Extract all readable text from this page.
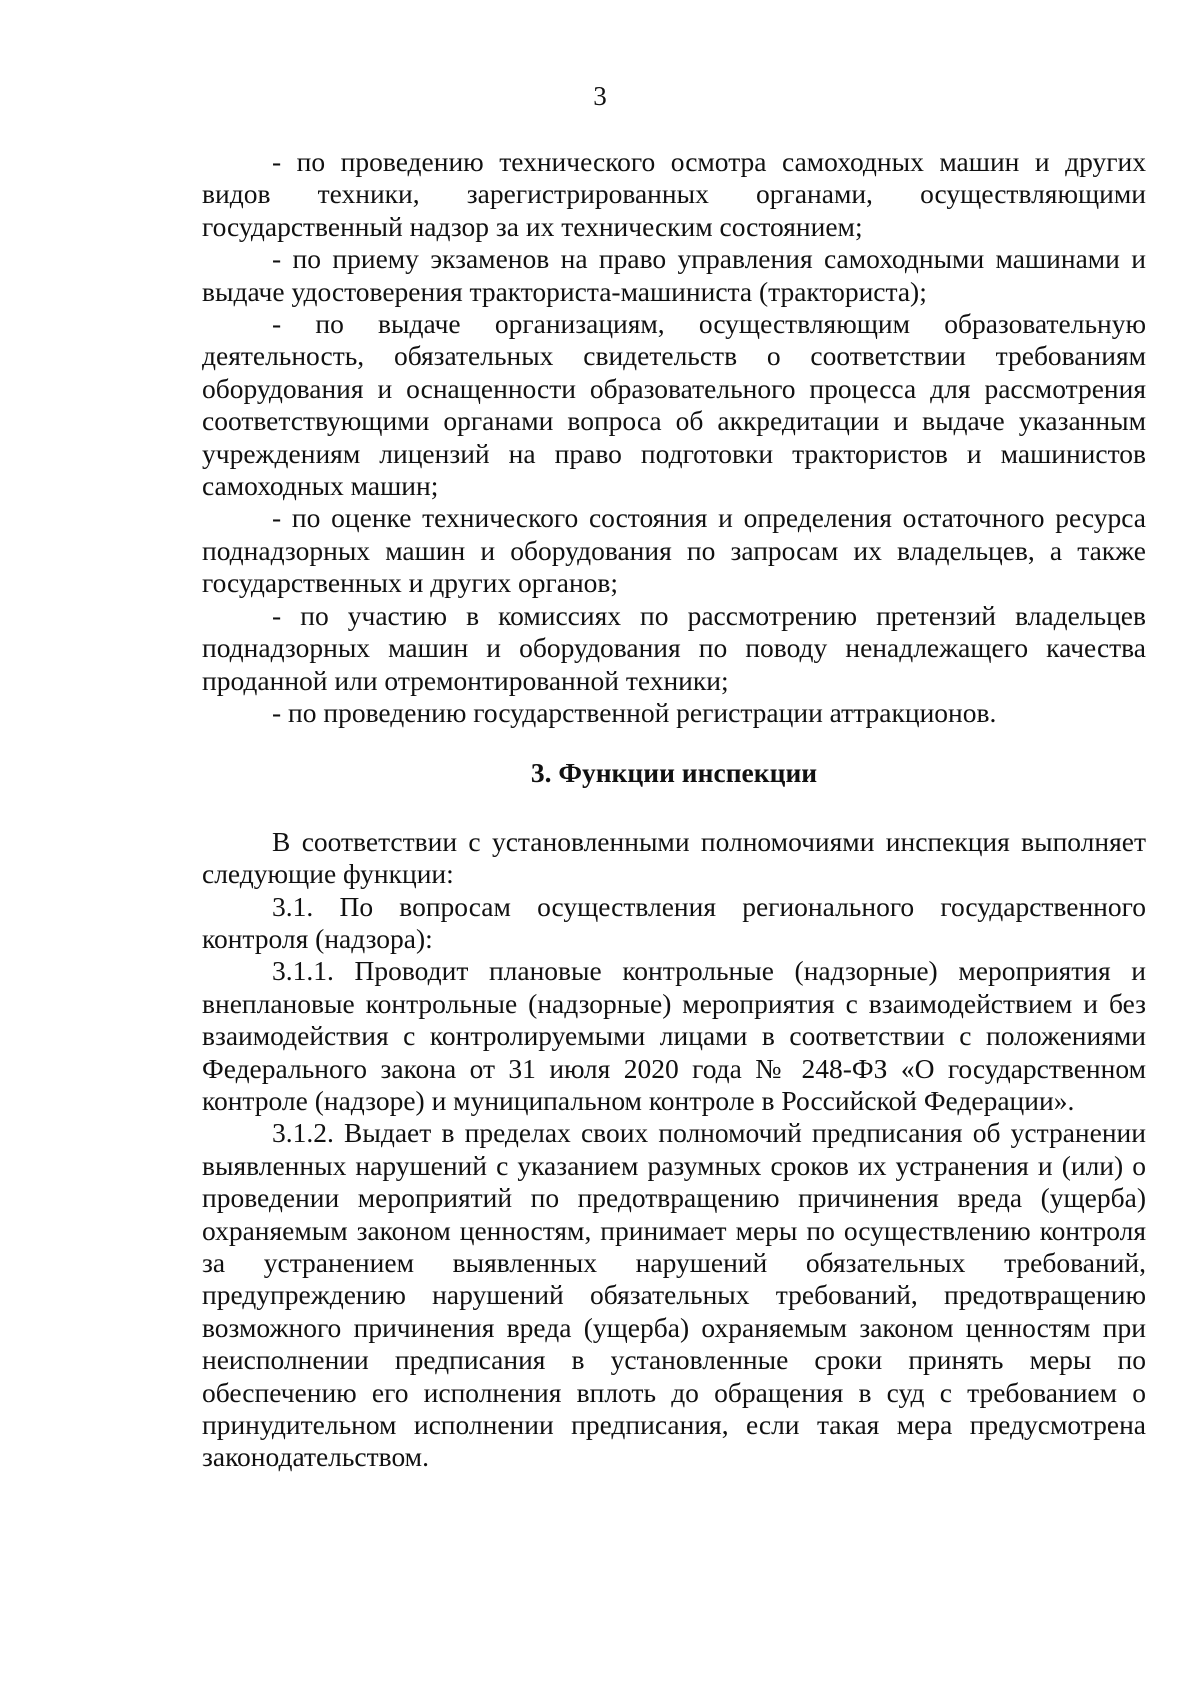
3

- по проведению технического осмотра самоходных машин и других видов техники, зарегистрированных органами, осуществляющими государственный надзор за их техническим состоянием;

- по приему экзаменов на право управления самоходными машинами и выдаче удостоверения тракториста-машиниста (тракториста);

- по выдаче организациям, осуществляющим образовательную деятельность, обязательных свидетельств о соответствии требованиям оборудования и оснащенности образовательного процесса для рассмотрения соответствующими органами вопроса об аккредитации и выдаче указанным учреждениям лицензий на право подготовки трактористов и машинистов самоходных машин;

- по оценке технического состояния и определения остаточного ресурса поднадзорных машин и оборудования по запросам их владельцев, а также государственных и других органов;

- по участию в комиссиях по рассмотрению претензий владельцев поднадзорных машин и оборудования по поводу ненадлежащего качества проданной или отремонтированной техники;

- по проведению государственной регистрации аттракционов.

3. Функции инспекции

В соответствии с установленными полномочиями инспекция выполняет следующие функции:

3.1. По вопросам осуществления регионального государственного контроля (надзора):

3.1.1. Проводит плановые контрольные (надзорные) мероприятия и внеплановые контрольные (надзорные) мероприятия с взаимодействием и без взаимодействия с контролируемыми лицами в соответствии с положениями Федерального закона от 31 июля 2020 года № 248-ФЗ «О государственном контроле (надзоре) и муниципальном контроле в Российской Федерации».

3.1.2. Выдает в пределах своих полномочий предписания об устранении выявленных нарушений с указанием разумных сроков их устранения и (или) о проведении мероприятий по предотвращению причинения вреда (ущерба) охраняемым законом ценностям, принимает меры по осуществлению контроля за устранением выявленных нарушений обязательных требований, предупреждению нарушений обязательных требований, предотвращению возможного причинения вреда (ущерба) охраняемым законом ценностям при неисполнении предписания в установленные сроки принять меры по обеспечению его исполнения вплоть до обращения в суд с требованием о принудительном исполнении предписания, если такая мера предусмотрена законодательством.
